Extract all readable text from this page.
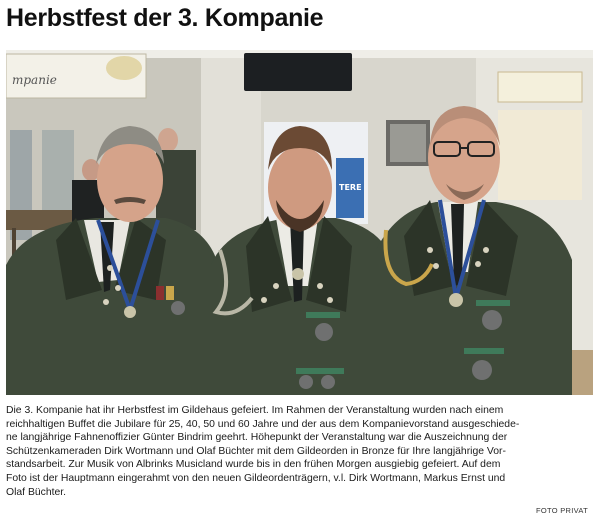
Herbstfest der 3. Kompanie
mpanie
TERE
Die 3. Kompanie hat ihr Herbstfest im Gildehaus gefeiert. Im Rahmen der Veranstaltung wurden nach einem
reichhaltigen Buffet die Jubilare für 25, 40, 50 und 60 Jahre und der aus dem Kompanievorstand ausgeschiede-
ne langjährige Fahnenoffizier Günter Bindrim geehrt. Höhepunkt der Veranstaltung war die Auszeichnung der
Schützenkameraden Dirk Wortmann und Olaf Büchter mit dem Gildeorden in Bronze für Ihre langjährige Vor-
standsarbeit. Zur Musik von Albrinks Musicland wurde bis in den frühen Morgen ausgiebig gefeiert. Auf dem
Foto ist der Hauptmann eingerahmt von den neuen Gildeordenträgern, v.l. Dirk Wortmann, Markus Ernst und
Olaf Büchter.
FOTO PRIVAT
